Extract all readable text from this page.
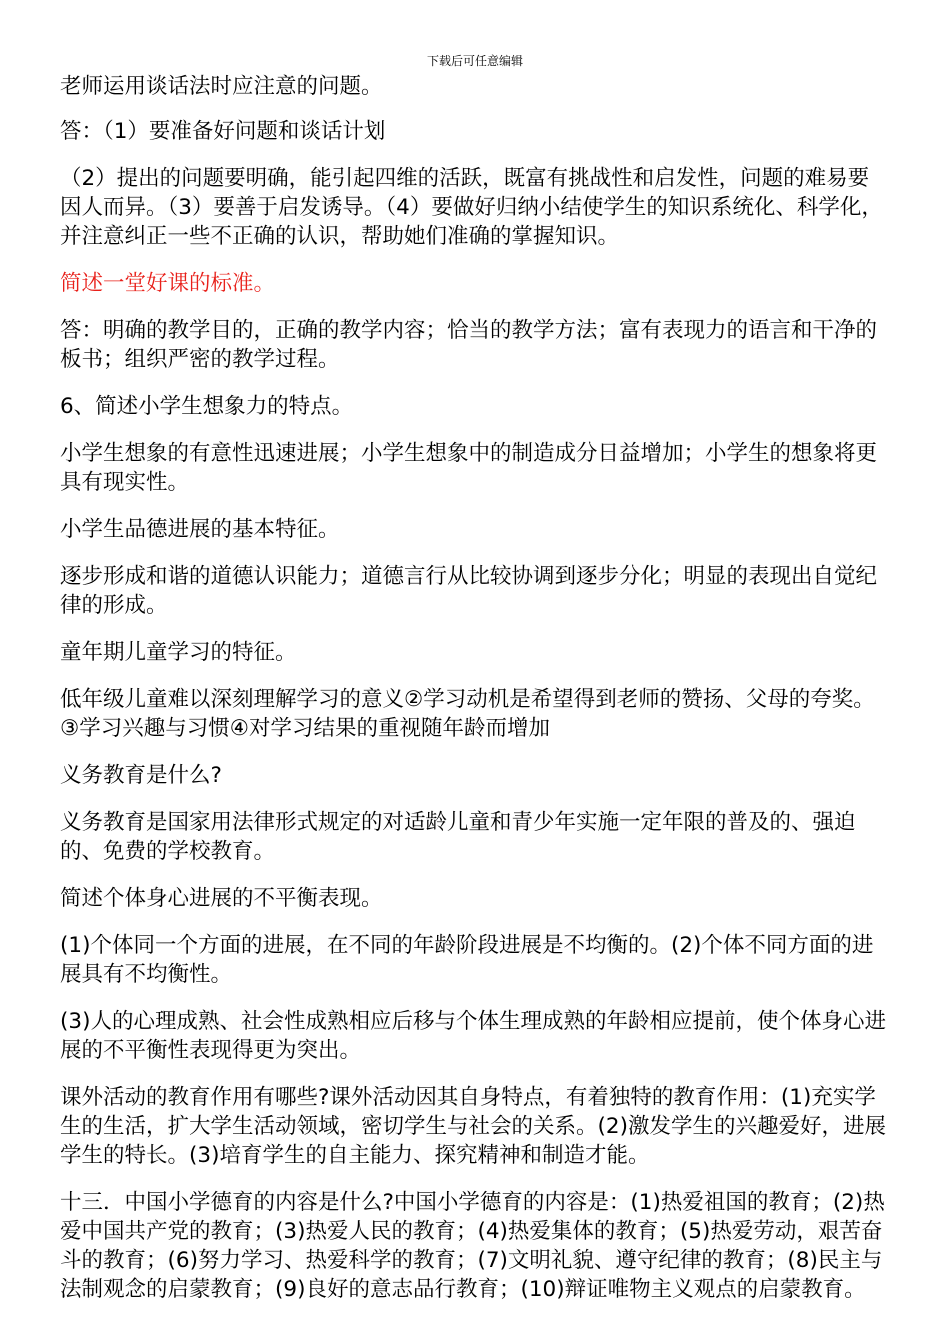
下载后可任意编辑

老师运用谈话法时应注意的问题。

答：（1）要准备好问题和谈话计划

（2）提出的问题要明确，能引起四维的活跃，既富有挑战性和启发性，问题的难易要因人而异。（3）要善于启发诱导。（4）要做好归纳小结使学生的知识系统化、科学化，并注意纠正一些不正确的认识，帮助她们准确的掌握知识。

简述一堂好课的标准。

答：明确的教学目的，正确的教学内容；恰当的教学方法；富有表现力的语言和干净的板书；组织严密的教学过程。

6、简述小学生想象力的特点。

小学生想象的有意性迅速进展；小学生想象中的制造成分日益增加；小学生的想象将更具有现实性。

小学生品德进展的基本特征。

逐步形成和谐的道德认识能力；道德言行从比较协调到逐步分化；明显的表现出自觉纪律的形成。

童年期儿童学习的特征。

低年级儿童难以深刻理解学习的意义②学习动机是希望得到老师的赞扬、父母的夸奖。③学习兴趣与习惯④对学习结果的重视随年龄而增加

义务教育是什么?

义务教育是国家用法律形式规定的对适龄儿童和青少年实施一定年限的普及的、强迫的、免费的学校教育。

简述个体身心进展的不平衡表现。

(1)个体同一个方面的进展，在不同的年龄阶段进展是不均衡的。(2)个体不同方面的进展具有不均衡性。

(3)人的心理成熟、社会性成熟相应后移与个体生理成熟的年龄相应提前，使个体身心进展的不平衡性表现得更为突出。

课外活动的教育作用有哪些?课外活动因其自身特点，有着独特的教育作用：(1)充实学生的生活，扩大学生活动领域，密切学生与社会的关系。(2)激发学生的兴趣爱好，进展学生的特长。(3)培育学生的自主能力、探究精神和制造才能。

十三．中国小学德育的内容是什么?中国小学德育的内容是：(1)热爱祖国的教育；(2)热爱中国共产党的教育；(3)热爱人民的教育；(4)热爱集体的教育；(5)热爱劳动，艰苦奋斗的教育；(6)努力学习、热爱科学的教育；(7)文明礼貌、遵守纪律的教育；(8)民主与法制观念的启蒙教育；(9)良好的意志品行教育；(10)辩证唯物主义观点的启蒙教育。
